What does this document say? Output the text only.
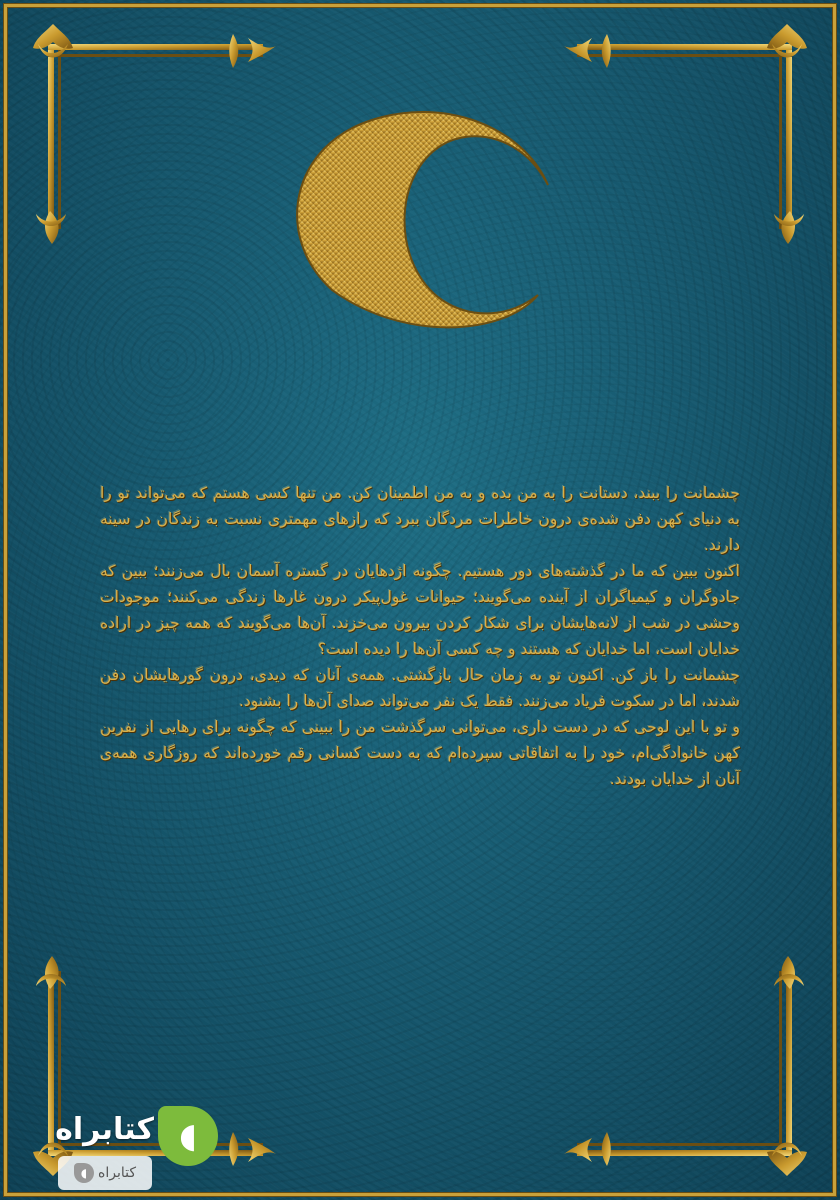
چشمانت را ببند، دستانت را به من بده و به من اطمینان کن. من تنها کسی هستم که می‌تواند تو را به دنیای کهن دفن شده‌ی درون خاطرات مردگان ببرد که رازهای مهمتری نسبت به زندگان در سینه دارند.

اکنون ببین که ما در گذشته‌های دور هستیم. چگونه اژدهایان در گستره آسمان بال می‌زنند؛ ببین که جادوگران و کیمیاگران از آینده می‌گویند؛ حیوانات غول‌پیکر درون غارها زندگی می‌کنند؛ موجودات وحشی در شب از لانه‌هایشان برای شکار کردن بیرون می‌خزند. آن‌ها می‌گویند که همه چیز در اراده خدایان است، اما خدایان که هستند و چه کسی آن‌ها را دیده است؟

چشمانت را باز کن. اکنون تو به زمان حال بازگشتی. همه‌ی آنان که دیدی، درون گورهایشان دفن شدند، اما در سکوت فریاد می‌زنند. فقط یک نفر می‌تواند صدای آن‌ها را بشنود.

و تو با این لوحی که در دست داری، می‌توانی سرگذشت من را ببینی که چگونه برای رهایی از نفرین کهن خانوادگی‌ام، خود را به اتفاقاتی سپرده‌ام که به دست کسانی رقم خورده‌اند که روزگاری همه‌ی آنان از خدایان بودند.

کتابراه ◖
کتابراه
◖
